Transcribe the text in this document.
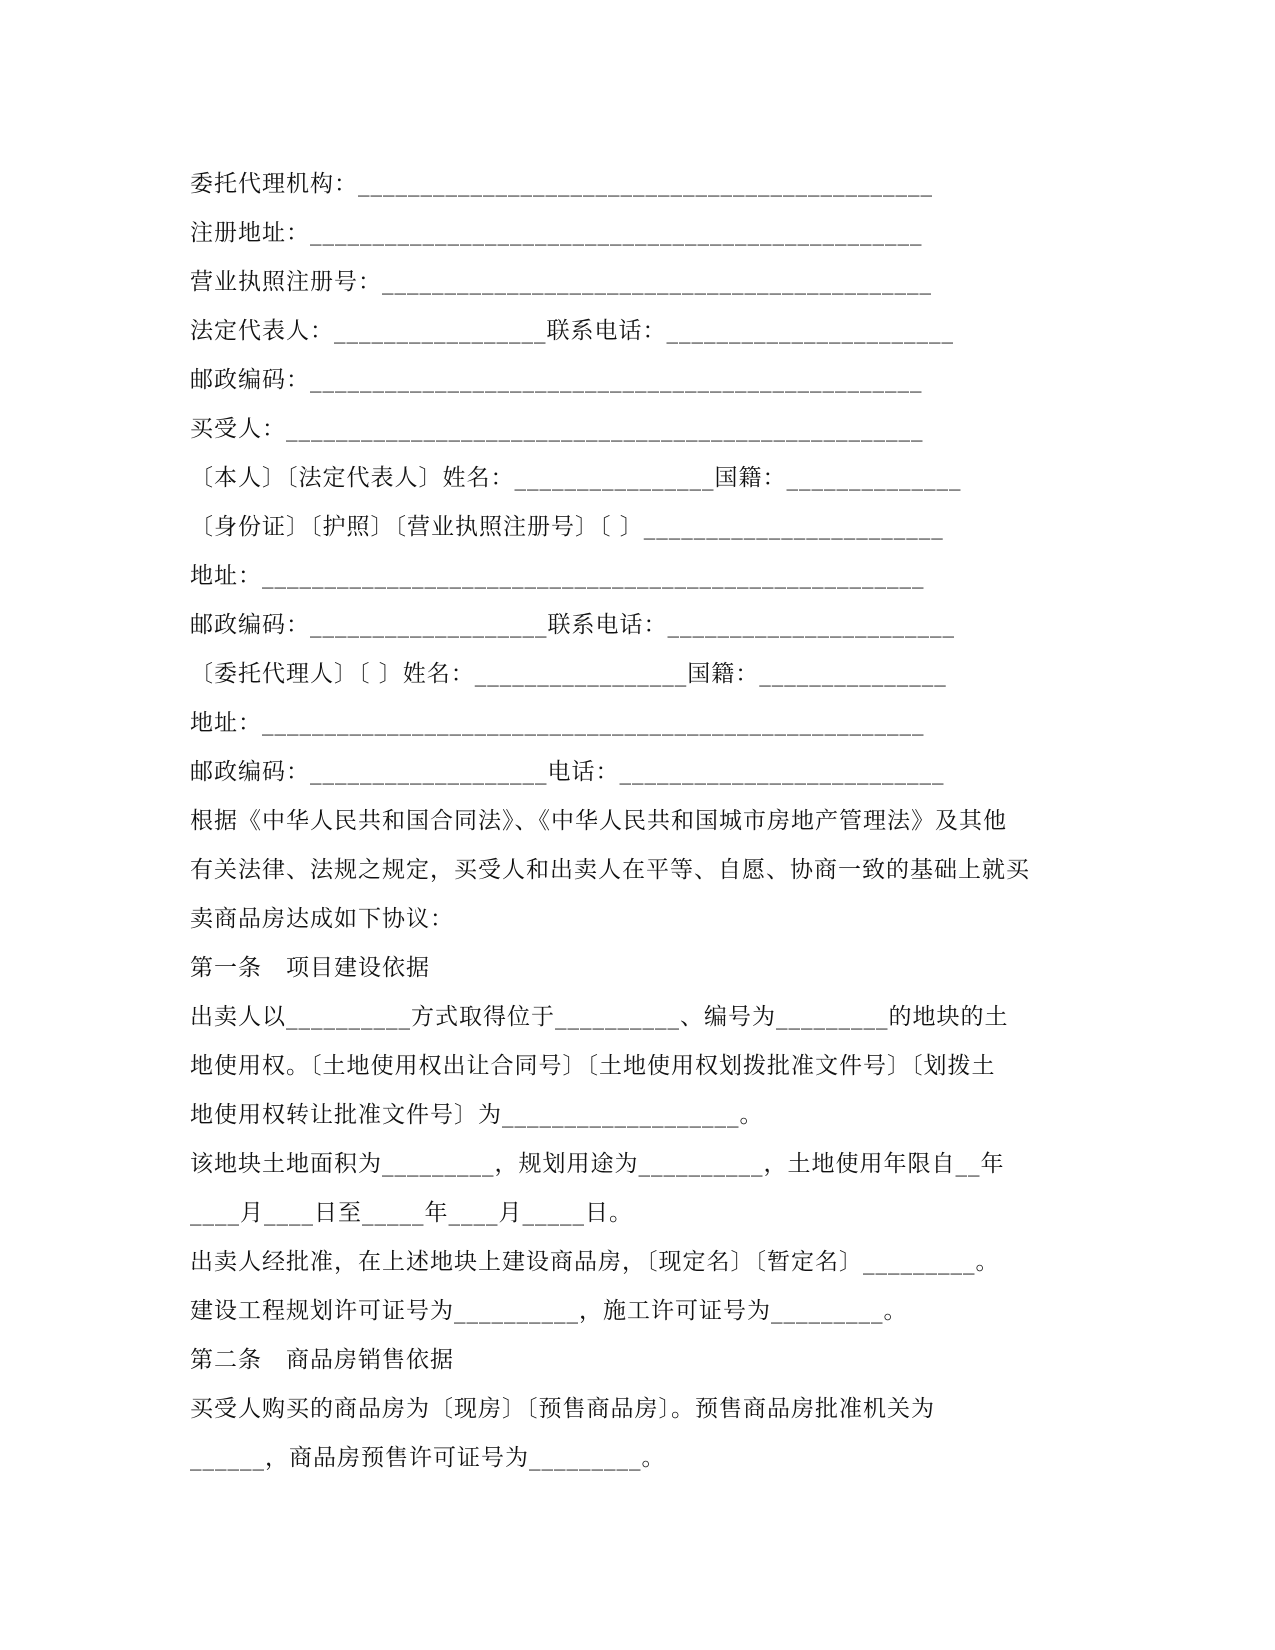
委托代理机构：______________________________________________
注册地址：_________________________________________________
营业执照注册号：____________________________________________
法定代表人：_________________联系电话：_______________________
邮政编码：_________________________________________________
买受人：___________________________________________________
〔本人〕〔法定代表人〕姓名：________________国籍：______________
〔身份证〕〔护照〕〔营业执照注册号〕〔 〕________________________
地址：_____________________________________________________
邮政编码：___________________联系电话：_______________________
〔委托代理人〕〔 〕姓名：_________________国籍：_______________
地址：_____________________________________________________
邮政编码：___________________电话：__________________________
根据《中华人民共和国合同法》、《中华人民共和国城市房地产管理法》及其他
有关法律、法规之规定，买受人和出卖人在平等、自愿、协商一致的基础上就买
卖商品房达成如下协议：
第一条　项目建设依据
出卖人以__________方式取得位于__________、编号为_________的地块的土
地使用权。〔土地使用权出让合同号〕〔土地使用权划拨批准文件号〕〔划拨土
地使用权转让批准文件号〕为___________________。
该地块土地面积为_________，规划用途为__________，土地使用年限自__年
____月____日至_____年____月_____日。
出卖人经批准，在上述地块上建设商品房，〔现定名〕〔暂定名〕_________。
建设工程规划许可证号为__________，施工许可证号为_________。
第二条　商品房销售依据
买受人购买的商品房为〔现房〕〔预售商品房〕。预售商品房批准机关为
______，商品房预售许可证号为_________。
